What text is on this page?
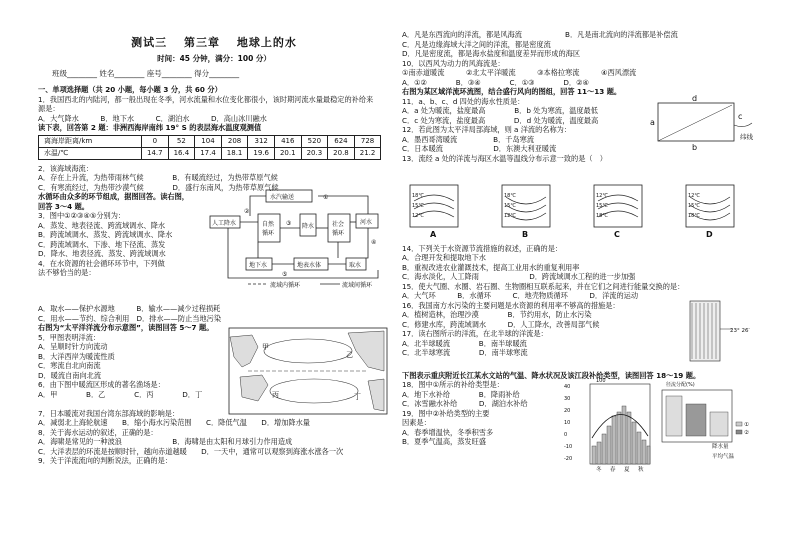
测试三　 第三章　 地球上的水
时间：45 分钟，满分：100 分）
班级________ 姓名________ 座号________ 得分________
一、单项选择题（共 20 小题，每小题 3 分，共 60 分）
1．我国西北的内陆河，都一般出现在冬季，河水流量和水位变化都很小，该时期河流水量最稳定的补给来
源是：
A．大气降水　　　B．地下水　　　C．湖泊水　　　D．高山冰川融水
读下表，回答第 2 题：非洲西海岸南纬 19° S 的表层海水温度观测值
离海岸距离/km	0	52	104	208	312	416	520	624	728
水温/℃	14.7	16.4	17.4	18.1	19.6	20.1	20.3	20.8	21.2
2．该海域海流：
A．存在上升流，为热带雨林气候　　　　B．有暖流经过，为热带草原气候
C．有寒流经过，为热带沙漠气候　　　　D．盛行东南风，为热带草原气候
水循环由众多的环节组成，据图回答。读右图，
回答 3～4 题。
3．图中①②③④⑤分别为：
A．蒸发、地表径流、跨流域调水、降水
B．跨流域调水、蒸发、跨流域调水、降水
C．跨流域调水、下渗、地下径流、蒸发
D．降水、地表径流、蒸发、跨流域调水
4．在水资源的社会循环环节中，下列做
法不够恰当的是：
水汽输送
人工降水	自然
循环
降水	社会
循环
河水
地下水	地表水体	取水
流域内循环	流域间循环
①
②
③
④
⑤
A．取水——保护水源地　　　B．输水——减少过程损耗
C．用水——节约、综合利用　D．排水——防止当地污染
右图为“太平洋洋流分布示意图”，读图回答 5～7 题。
5．甲图表明洋流：
A．呈顺时针方向流动
B．大洋西岸为暖流性质
C．寒流自北向南流
D．暖流自南向北流
6．由下图中暖流区形成的著名渔场是：
A．甲　　　　B．乙　　　　C．丙　　　　D．丁
甲
乙
丙	丁
7．日本暖流对我国台湾东部海域的影响是：
A．减弱北上海轮航速　　B．缩小海水污染范围　　C．降低气温　　D．增加降水量
8．关于海水运动的叙述，正确的是：
A．海啸是常见的一种波浪　　　　　　　B．海啸是由太阳和月球引力作用造成
C．大洋表层的环流是按顺时针，越向赤道越暖　　D．一天中，通常可以观察到海涨水涨各一次
9．关于洋流流向的判断说法，正确的是：
A．凡是东西流向的洋流，都是风海流　　　　　　B．凡是南北流向的洋流都是补偿流
C．凡是边缘海域大洋之间的洋流，都是密度流
D．凡是密度流，都是海水盐度和温度差异而形成的海区
10．以西风为动力的风海流是：
①南赤道暖流　　　②北太平洋暖流　　　③本格拉寒流　　　④西风漂流
A．①②　　　　B．③④　　　　C．①③　　　　D．②④
右图为某区域洋流环流图，结合盛行风向的图组，回答 11～13 题。
11．a、b、c、d 四处的海水性质是：
A．a 处为暖流，盐度最高　　　　B．b 处为寒流，温度最低
C．c 处为寒流，盐度最高　　　　D．d 处为暖流，温度最高
12．若此图为太平洋局部海域，则 a 洋流的名称为：
A．墨西哥湾暖流　　　　　B．千岛寒流
C．日本暖流　　　　　　　D．东澳大利亚暖流
13．流经 a 处的洋流与海区水温等温线分布示意一致的是（　）
d
a
c
b
纬线
18℃
15℃
12℃
18℃
15℃
12℃
12℃
15℃
18℃
12℃
15℃
18℃
A	B	C	D
14．下列关于水资源节流措施的叙述，正确的是：
A．合理开发和提取地下水
B．重视改进农业灌溉技术，提高工业用水的重复利用率
C．海水淡化，人工降雨　　　　　　　D．跨流域调水工程的进一步加强
15．使大气圈、水圈、岩石圈、生物圈相互联系起来，并在它们之间进行能量交换的是：
A．大气环　　　B．水循环　　　C．地壳物质循环　　　D．洋流的运动
16．我国南方水污染的主要问题是水资源的利用率不够高的措施是：
A．植树造林，治理沙漠　　　　B．节约用水，防止水污染
C．修建水库，跨流域调水　　　D．人工降水，改善局部气候
17．读右图所示的洋流，在北半球的洋流是：
A．北半球暖流　　　　B．南半球暖流
C．北半球寒流　　　　D．南半球寒流
23° 26′
下图表示重庆附近长江某水文站的气温、降水状况及该江段补给类型，读图回答 18～19 题。
18．图中①所示的补给类型是：
A．地下水补给　　　　B．降雨补给
C．冰雪融水补给　　　D．湖泊水补给
19．图中②补给类型的主要
因素是：
A．春季增温快，冬季积雪多
B．夏季气温高，蒸发旺盛
40
30
20
10
0
-10
-20
100
径流分配(%)
冬 春 夏 秋
①
②
降水量
平均气温
